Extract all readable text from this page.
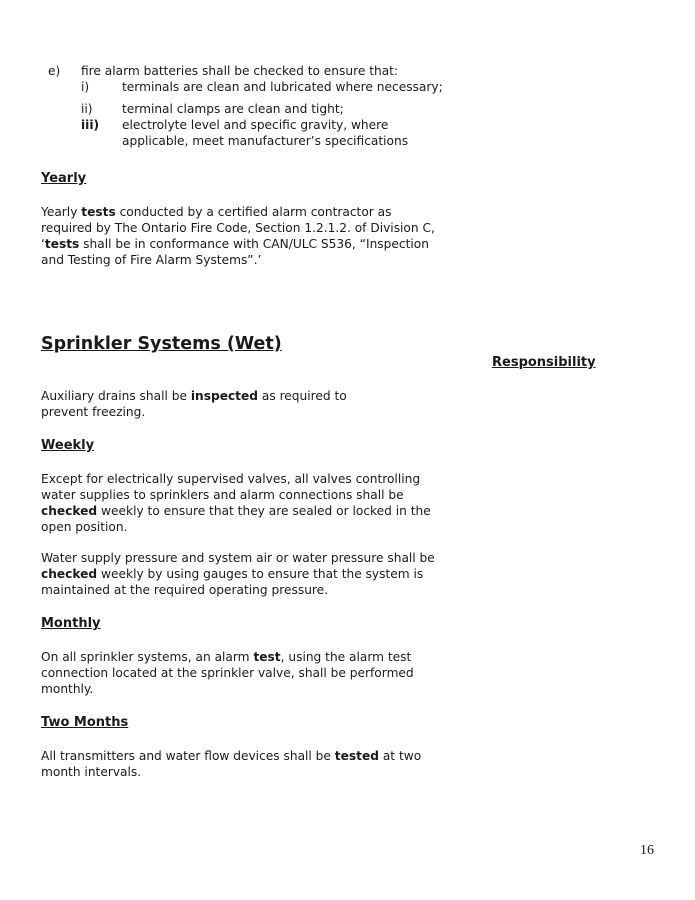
e) fire alarm batteries shall be checked to ensure that:
i)	terminals are clean and lubricated where necessary;
ii) terminal clamps are clean and tight;
iii) electrolyte level and specific gravity, where
applicable, meet manufacturer’s specifications
Yearly
Yearly tests conducted by a certified alarm contractor as
required by The Ontario Fire Code, Section 1.2.1.2. of Division C,
‘tests shall be in conformance with CAN/ULC S536, “Inspection
and Testing of Fire Alarm Systems”.’
Sprinkler Systems (Wet)
Responsibility
Auxiliary drains shall be inspected as required to
prevent freezing.
Weekly
Except for electrically supervised valves, all valves controlling
water supplies to sprinklers and alarm connections shall be
checked weekly to ensure that they are sealed or locked in the
open position.
Water supply pressure and system air or water pressure shall be
checked weekly by using gauges to ensure that the system is
maintained at the required operating pressure.
Monthly
On all sprinkler systems, an alarm test, using the alarm test
connection located at the sprinkler valve, shall be performed
monthly.
Two Months
All transmitters and water flow devices shall be tested at two
month intervals.
16
